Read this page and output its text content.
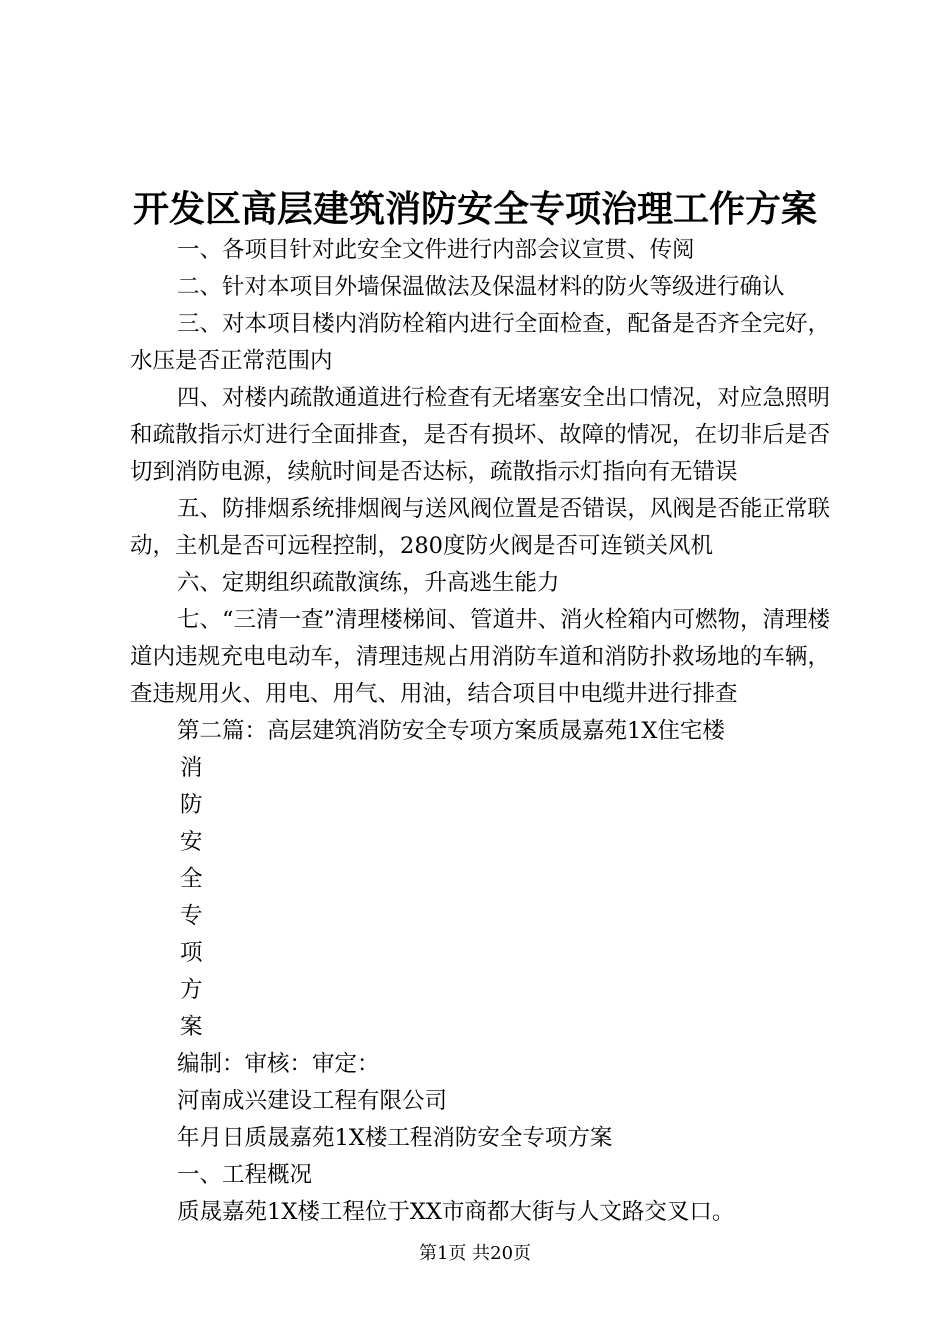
开发区高层建筑消防安全专项治理工作方案

一、各项目针对此安全文件进行内部会议宣贯、传阅

二、针对本项目外墙保温做法及保温材料的防火等级进行确认

三、对本项目楼内消防栓箱内进行全面检查，配备是否齐全完好，水压是否正常范围内

四、对楼内疏散通道进行检查有无堵塞安全出口情况，对应急照明和疏散指示灯进行全面排查，是否有损坏、故障的情况，在切非后是否切到消防电源，续航时间是否达标，疏散指示灯指向有无错误

五、防排烟系统排烟阀与送风阀位置是否错误，风阀是否能正常联动，主机是否可远程控制，280度防火阀是否可连锁关风机

六、定期组织疏散演练，升高逃生能力

七、“三清一查”清理楼梯间、管道井、消火栓箱内可燃物，清理楼道内违规充电电动车，清理违规占用消防车道和消防扑救场地的车辆，查违规用火、用电、用气、用油，结合项目中电缆井进行排查

第二篇：高层建筑消防安全专项方案质晟嘉苑1X住宅楼

消
防
安
全
专
项
方
案

编制：审核：审定：

河南成兴建设工程有限公司

年月日质晟嘉苑1X楼工程消防安全专项方案

一、工程概况

质晟嘉苑1X楼工程位于XX市商都大街与人文路交叉口。

第1页 共20页
